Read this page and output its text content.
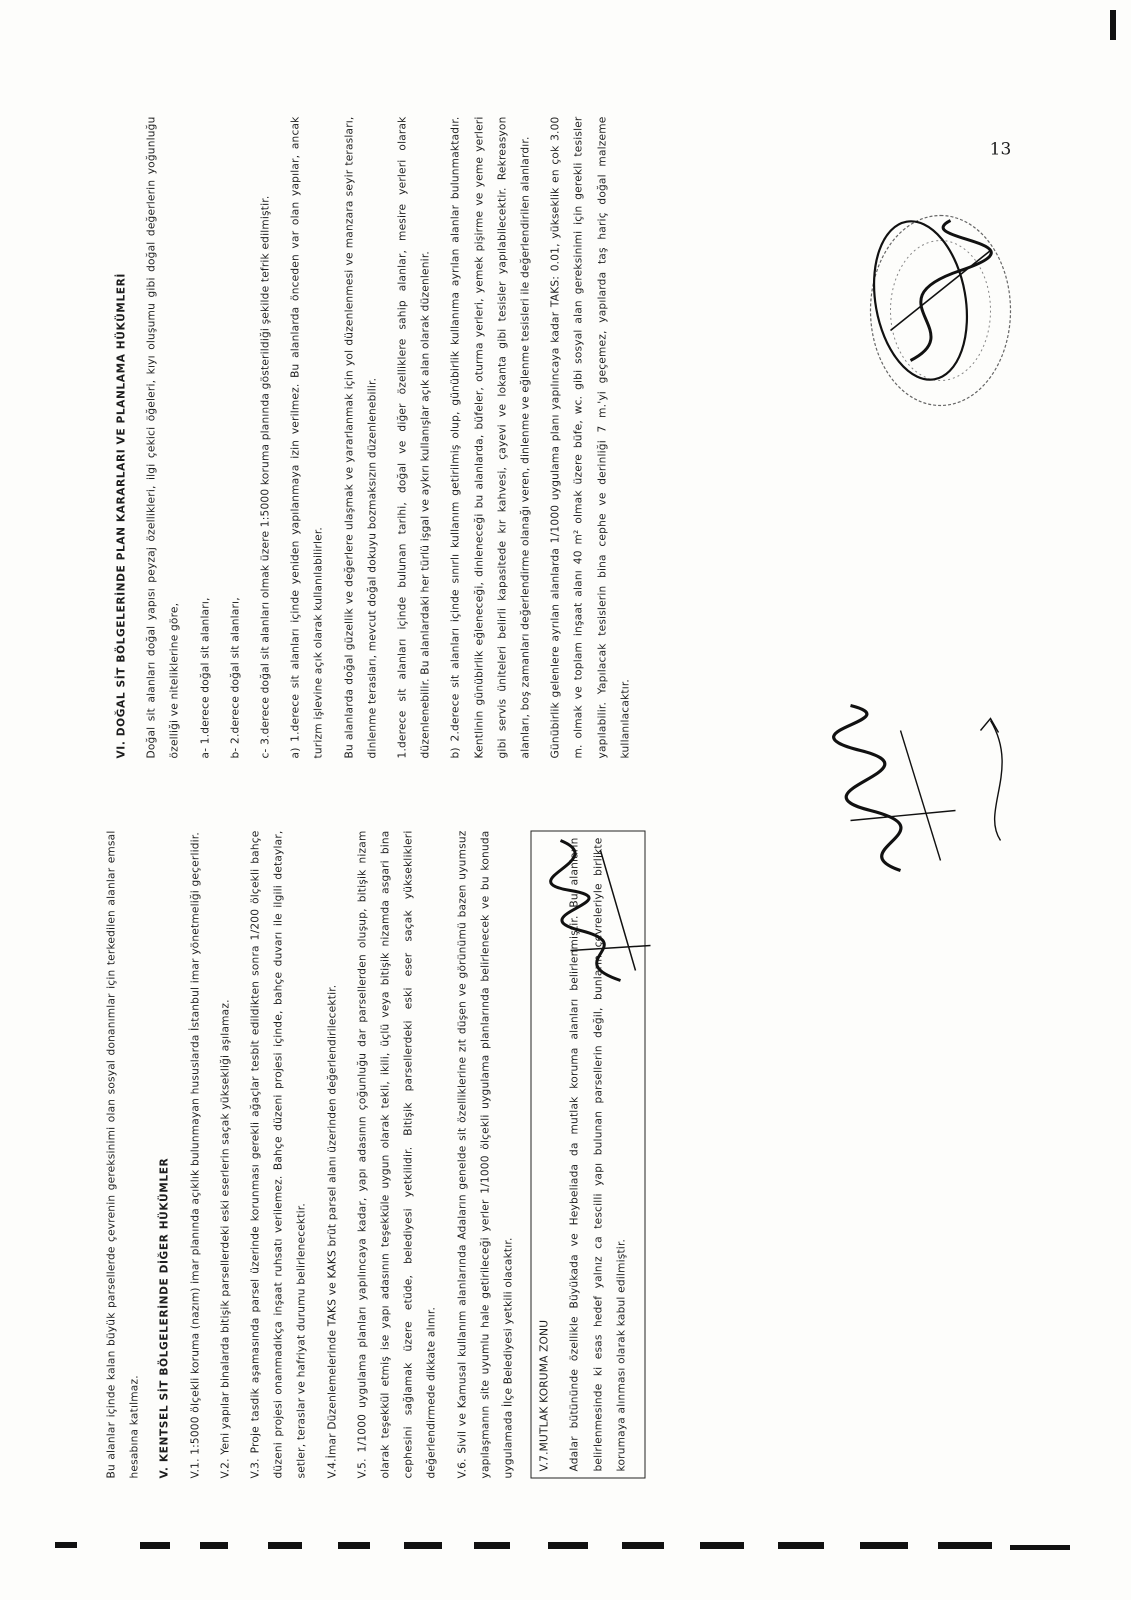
Bu alanlar içinde kalan büyük parsellerde çevrenin gereksinimi olan sosyal donanımlar için terkedilen alanlar emsal hesabına katılmaz.	V. KENTSEL SİT BÖLGELERİNDE DİĞER HÜKÜMLER	V.1. 1:5000 ölçekli koruma (nazım) imar planında açıklık bulunmayan hususlarda İstanbul imar yönetmeliği geçerlidir.	V.2. Yeni yapılar binalarda bitişik parsellerdeki eski eserlerin saçak yüksekliği aşılamaz.	V.3. Proje tasdik aşamasında parsel üzerinde korunması gerekli ağaçlar tesbit edildikten sonra 1/200 ölçekli bahçe düzeni projesi onanmadıkça inşaat ruhsatı verilemez. Bahçe düzeni projesi içinde, bahçe duvarı ile ilgili detaylar, setler, teraslar ve hafriyat durumu belirlenecektir.	V.4.İmar Düzenlemelerinde TAKS ve KAKS brüt parsel alanı üzerinden değerlendirilecektir.	V.5. 1/1000 uygulama planları yapılıncaya kadar, yapı adasının çoğunluğu dar parsellerden oluşup, bitişik nizam olarak teşekkül etmiş ise yapı adasının teşekküle uygun olarak tekli, ikili, üçlü veya bitişik nizamda asgari bina cephesini sağlamak üzere etüde, belediyesi yetkilidir. Bitişik parsellerdeki eski eser saçak yükseklikleri değerlendirmede dikkate alınır.	V.6. Sivil ve Kamusal kullanım alanlarında Adaların genelde sit özelliklerine zıt düşen ve görünümü bazen uyumsuz yapılaşmanın site uyumlu hale getirileceği yerler 1/1000 ölçekli uygulama planlarında belirlenecek ve bu konuda uygulamada İlçe Belediyesi yetkili olacaktır.	V.7.MUTLAK KORUMA ZONU	Adalar bütününde özellikle Büyükada ve Heybeliada da mutlak koruma alanları belirlenmiştir. Bu alanların belirlenmesinde ki esas hedef yalnız ca tescilli yapı bulunan parsellerin değil, bunların çevreleriyle birlikte korumaya alınması olarak kabul edilmiştir.

VI. DOĞAL SİT BÖLGELERİNDE PLAN KARARLARI VE PLANLAMA HÜKÜMLERİ	Doğal sit alanları doğal yapısı peyzaj özellikleri, ilgi çekici öğeleri, kıyı oluşumu gibi doğal değerlerin yoğunluğu özelliği ve niteliklerine göre,	a- 1.derece doğal sit alanları,	b- 2.derece doğal sit alanları,	c- 3.derece doğal sit alanları olmak üzere 1:5000 koruma planında gösterildiği şekilde tefrik edilmiştir.	a) 1.derece sit alanları içinde yeniden yapılanmaya izin verilmez. Bu alanlarda önceden var olan yapılar, ancak turizm işlevine açık olarak kullanılabilirler.	Bu alanlarda doğal güzellik ve değerlere ulaşmak ve yararlanmak için yol düzenlenmesi ve manzara seyir terasları, dinlenme terasları, mevcut doğal dokuyu bozmaksızın düzenlenebilir.	1.derece sit alanları içinde bulunan tarihi, doğal ve diğer özelliklere sahip alanlar, mesire yerleri olarak düzenlenebilir. Bu alanlardaki her türlü işgal ve aykırı kullanışlar açık alan olarak düzenlenir.	b) 2.derece sit alanları içinde sınırlı kullanım getirilmiş olup, günübirlik kullanıma ayrılan alanlar bulunmaktadır. Kentlinin günübirlik eğleneceği, dinleneceği bu alanlarda, büfeler, oturma yerleri, yemek pişirme ve yeme yerleri gibi servis üniteleri belirli kapasitede kır kahvesi, çayevi ve lokanta gibi tesisler yapılabilecektir. Rekreasyon alanları, boş zamanları değerlendirme olanağı veren, dinlenme ve eğlenme tesisleri ile değerlendirilen alanlardır.	Günübirlik gelenlere ayrılan alanlarda 1/1000 uygulama planı yapılıncaya kadar TAKS: 0.01, yükseklik en çok 3.00 m. olmak ve toplam inşaat alanı 40 m² olmak üzere büfe, wc. gibi sosyal alan gereksinimi için gerekli tesisler yapılabilir. Yapılacak tesislerin bina cephe ve derinliği 7 m.'yi geçemez, yapılarda taş hariç doğal malzeme kullanılacaktır.

13
